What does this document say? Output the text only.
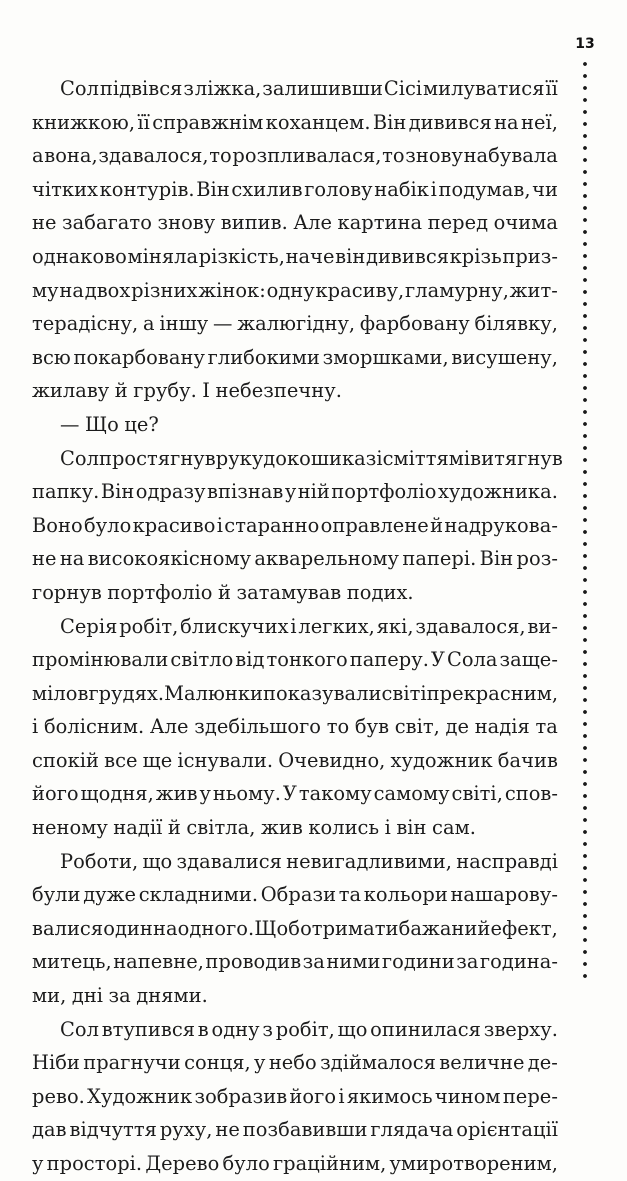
13
Сол підвівся з ліжка, залишивши Сісі милуватися її
книжкою, її справжнім коханцем. Він дивився на неї,
а вона, здавалося, то розпливалася, то знову набувала
чітких контурів. Він схилив голову набік і подумав, чи
не забагато знову випив. Але картина перед очима
однаково міняла різкість, наче він дивився крізь приз-
му на двох різних жінок: одну красиву, гламурну, жит-
терадісну, а іншу — жалюгідну, фарбовану білявку,
всю покарбовану глибокими зморшками, висушену,
жилаву й грубу. І небезпечну.
— Що це?
Сол простягнув руку до кошика зі сміттям і витягнув
папку. Він одразу впізнав у ній портфоліо художника.
Воно було красиво і старанно оправлене й надрукова-
не на високоякісному акварельному папері. Він роз-
горнув портфоліо й затамував подих.
Серія робіт, блискучих і легких, які, здавалося, ви-
промінювали світло від тонкого паперу. У Сола заще-
міло в грудях. Малюнки показували світ і прекрасним,
і болісним. Але здебільшого то був світ, де надія та
спокій все ще існували. Очевидно, художник бачив
його щодня, жив у ньому. У такому самому світі, спов-
неному надії й світла, жив колись і він сам.
Роботи, що здавалися невигадливими, насправді
були дуже складними. Образи та кольори нашарову-
валися один на одного. Щоб отримати бажаний ефект,
митець, напевне, проводив за ними години за година-
ми, дні за днями.
Сол втупився в одну з робіт, що опинилася зверху.
Ніби прагнучи сонця, у небо здіймалося величне де-
рево. Художник зобразив його і якимось чином пере-
дав відчуття руху, не позбавивши глядача орієнтації
у просторі. Дерево було граційним, умиротвореним,
